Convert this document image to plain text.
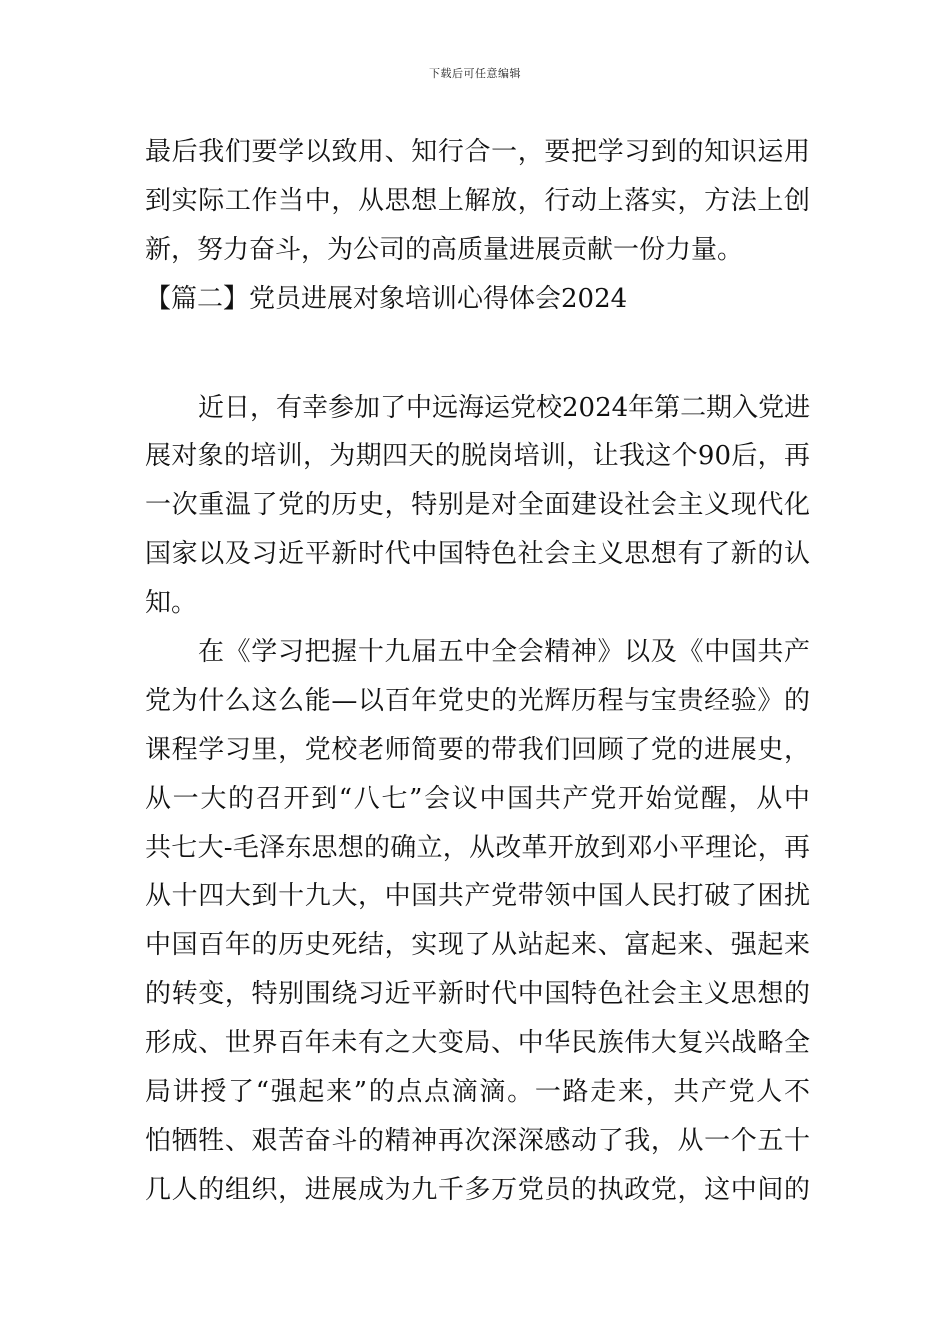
下载后可任意编辑
最后我们要学以致用、知行合一，要把学习到的知识运用
到实际工作当中，从思想上解放，行动上落实，方法上创
新，努力奋斗，为公司的高质量进展贡献一份力量。
【篇二】党员进展对象培训心得体会2024
近日，有幸参加了中远海运党校2024年第二期入党进
展对象的培训，为期四天的脱岗培训，让我这个90后，再
一次重温了党的历史，特别是对全面建设社会主义现代化
国家以及习近平新时代中国特色社会主义思想有了新的认
知。
在《学习把握十九届五中全会精神》以及《中国共产
党为什么这么能—以百年党史的光辉历程与宝贵经验》的
课程学习里，党校老师简要的带我们回顾了党的进展史，
从一大的召开到“八七”会议中国共产党开始觉醒，从中
共七大-毛泽东思想的确立，从改革开放到邓小平理论，再
从十四大到十九大，中国共产党带领中国人民打破了困扰
中国百年的历史死结，实现了从站起来、富起来、强起来
的转变，特别围绕习近平新时代中国特色社会主义思想的
形成、世界百年未有之大变局、中华民族伟大复兴战略全
局讲授了“强起来”的点点滴滴。一路走来，共产党人不
怕牺牲、艰苦奋斗的精神再次深深感动了我，从一个五十
几人的组织，进展成为九千多万党员的执政党，这中间的
